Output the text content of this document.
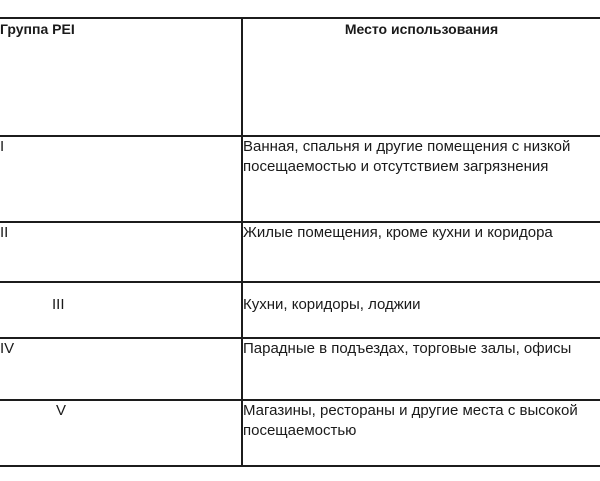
Группа PEI	Место использования
I	Ванная, спальня и другие помещения с низкой посещаемостью и отсутствием загрязнения
II	Жилые помещения, кроме кухни и коридора
III	Кухни, коридоры, лоджии
IV	Парадные в подъездах, торговые залы, офисы
V	Магазины, рестораны и другие места с высокой посещаемостью
